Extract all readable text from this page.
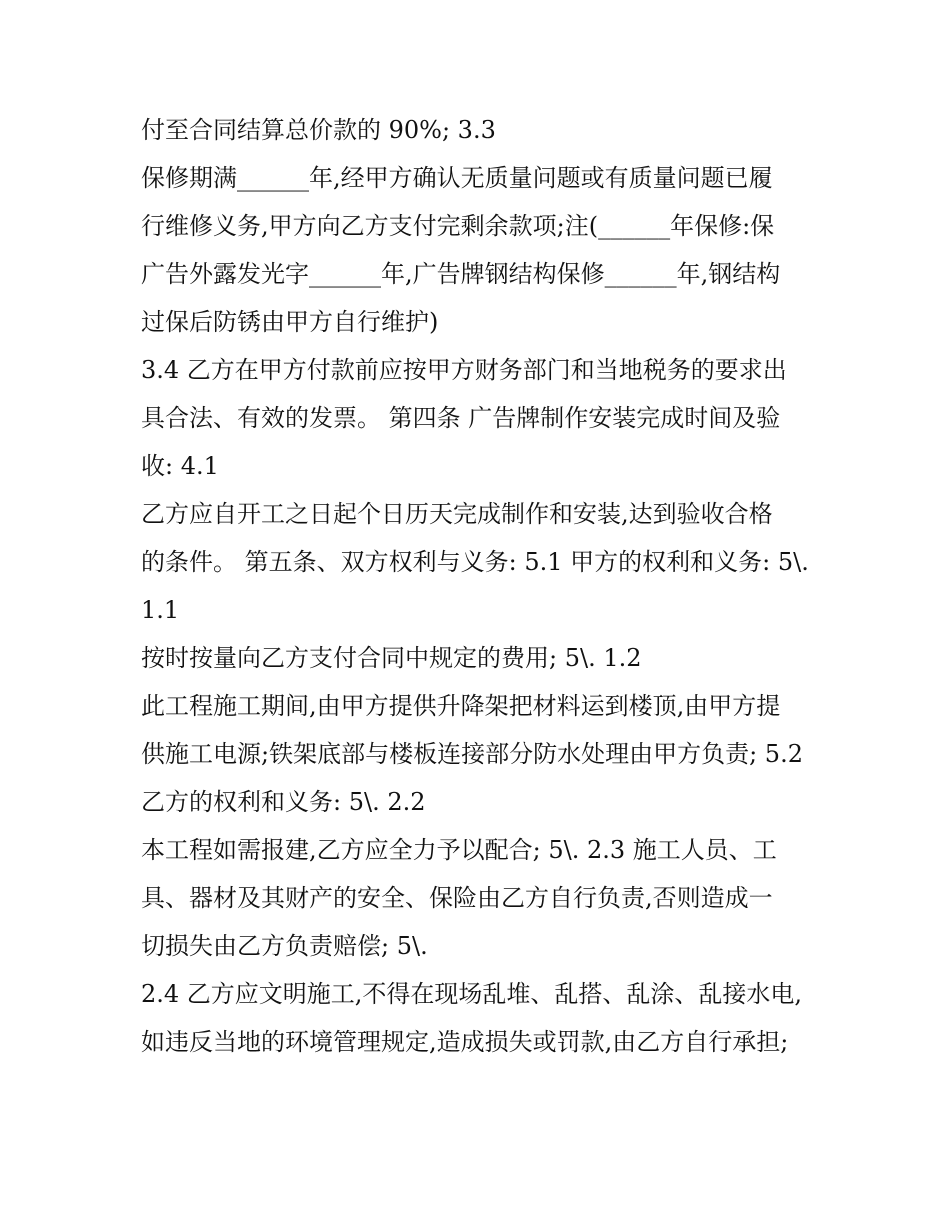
付至合同结算总价款的 90%; 3.3
保修期满______年,经甲方确认无质量问题或有质量问题已履
行维修义务,甲方向乙方支付完剩余款项;注(______年保修:保
广告外露发光字______年,广告牌钢结构保修______年,钢结构
过保后防锈由甲方自行维护)
3.4 乙方在甲方付款前应按甲方财务部门和当地税务的要求出
具合法、有效的发票。 第四条 广告牌制作安装完成时间及验
收: 4.1
乙方应自开工之日起个日历天完成制作和安装,达到验收合格
的条件。 第五条、双方权利与义务: 5.1 甲方的权利和义务: 5\.
1.1
按时按量向乙方支付合同中规定的费用; 5\. 1.2
此工程施工期间,由甲方提供升降架把材料运到楼顶,由甲方提
供施工电源;铁架底部与楼板连接部分防水处理由甲方负责; 5.2
乙方的权利和义务: 5\. 2.2
本工程如需报建,乙方应全力予以配合; 5\. 2.3 施工人员、工
具、器材及其财产的安全、保险由乙方自行负责,否则造成一
切损失由乙方负责赔偿; 5\.
2.4 乙方应文明施工,不得在现场乱堆、乱搭、乱涂、乱接水电,
如违反当地的环境管理规定,造成损失或罚款,由乙方自行承担;
